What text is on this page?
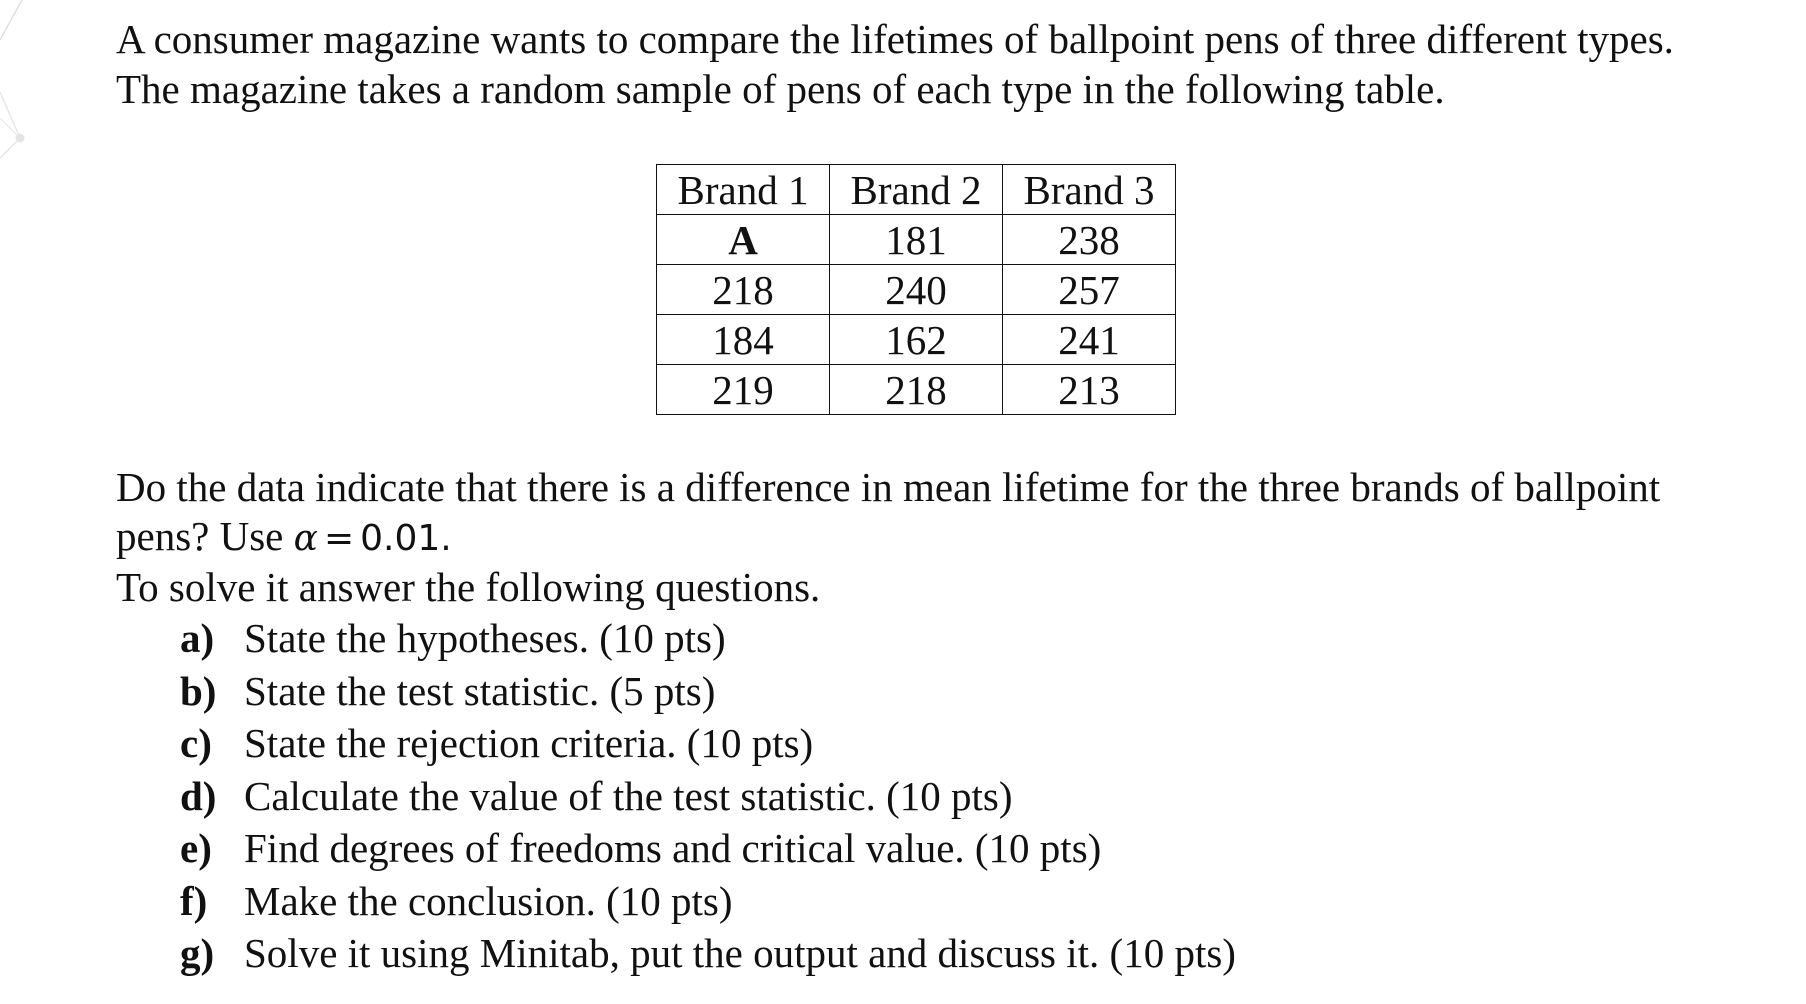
A consumer magazine wants to compare the lifetimes of ballpoint pens of three different types.

The magazine takes a random sample of pens of each type in the following table.

Brand 1	Brand 2	Brand 3
A	181	238
218	240	257
184	162	241
219	218	213

Do the data indicate that there is a difference in mean lifetime for the three brands of ballpoint

pens? Use α = 0.01.

To solve it answer the following questions.

a) State the hypotheses. (10 pts)
b) State the test statistic. (5 pts)
c) State the rejection criteria. (10 pts)
d) Calculate the value of the test statistic. (10 pts)
e) Find degrees of freedoms and critical value. (10 pts)
f) Make the conclusion. (10 pts)
g) Solve it using Minitab, put the output and discuss it. (10 pts)
